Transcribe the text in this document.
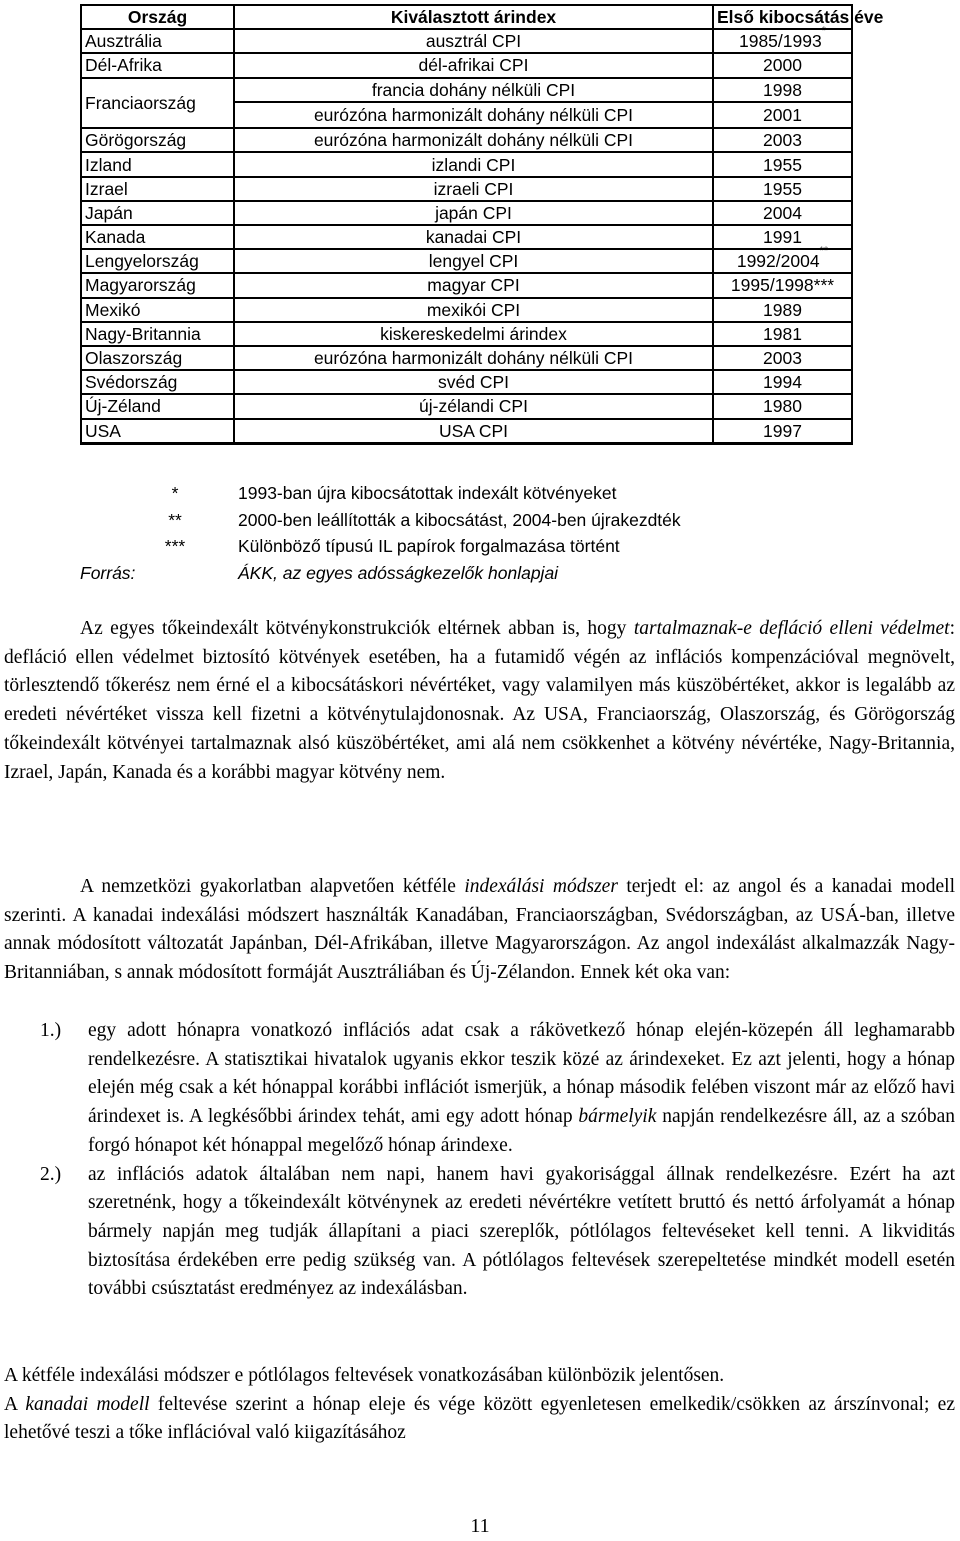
Ország	Kiválasztott árindex	Első kibocsátás éve
Ausztrália	ausztrál CPI	1985/1993*
Dél-Afrika	dél-afrikai CPI	2000
Franciaország	francia dohány nélküli CPI	1998
	eurózóna harmonizált dohány nélküli CPI	2001
Görögország	eurózóna harmonizált dohány nélküli CPI	2003
Izland	izlandi CPI	1955
Izrael	izraeli CPI	1955
Japán	japán CPI	2004
Kanada	kanadai CPI	1991
Lengyelország	lengyel CPI	1992/2004**
Magyarország	magyar CPI	1995/1998***
Mexikó	mexikói CPI	1989
Nagy-Britannia	kiskereskedelmi árindex	1981
Olaszország	eurózóna harmonizált dohány nélküli CPI	2003
Svédország	svéd CPI	1994
Új-Zéland	új-zélandi CPI	1980
USA	USA CPI	1997
*	1993-ban újra kibocsátottak indexált kötvényeket
**	2000-ben leállították a kibocsátást, 2004-ben újrakezdték
***	Különböző típusú IL papírok forgalmazása történt
Forrás:	ÁKK, az egyes adósságkezelők honlapjai

Az egyes tőkeindexált kötvénykonstrukciók eltérnek abban is, hogy tartalmaznak-e defláció elleni védelmet: defláció ellen védelmet biztosító kötvények esetében, ha a futamidő végén az inflációs kompenzációval megnövelt, törlesztendő tőkerész nem érné el a kibocsátáskori névértéket, vagy valamilyen más küszöbértéket, akkor is legalább az eredeti névértéket vissza kell fizetni a kötvénytulajdonosnak. Az USA, Franciaország, Olaszország, és Görögország tőkeindexált kötvényei tartalmaznak alsó küszöbértéket, ami alá nem csökkenhet a kötvény névértéke, Nagy-Britannia, Izrael, Japán, Kanada és a korábbi magyar kötvény nem.

A nemzetközi gyakorlatban alapvetően kétféle indexálási módszer terjedt el: az angol és a kanadai modell szerinti. A kanadai indexálási módszert használták Kanadában, Franciaországban, Svédországban, az USÁ-ban, illetve annak módosított változatát Japánban, Dél-Afrikában, illetve Magyarországon. Az angol indexálást alkalmazzák Nagy-Britanniában, s annak módosított formáját Ausztráliában és Új-Zélandon. Ennek két oka van:

1.) egy adott hónapra vonatkozó inflációs adat csak a rákövetkező hónap elején-közepén áll leghamarabb rendelkezésre. A statisztikai hivatalok ugyanis ekkor teszik közé az árindexeket. Ez azt jelenti, hogy a hónap elején még csak a két hónappal korábbi inflációt ismerjük, a hónap második felében viszont már az előző havi árindexet is. A legkésőbbi árindex tehát, ami egy adott hónap bármelyik napján rendelkezésre áll, az a szóban forgó hónapot két hónappal megelőző hónap árindexe.
2.) az inflációs adatok általában nem napi, hanem havi gyakorisággal állnak rendelkezésre. Ezért ha azt szeretnénk, hogy a tőkeindexált kötvénynek az eredeti névértékre vetített bruttó és nettó árfolyamát a hónap bármely napján meg tudják állapítani a piaci szereplők, pótlólagos feltevéseket kell tenni. A likviditás biztosítása érdekében erre pedig szükség van. A pótlólagos feltevések szerepeltetése mindkét modell esetén további csúsztatást eredményez az indexálásban.

A kétféle indexálási módszer e pótlólagos feltevések vonatkozásában különbözik jelentősen.

A kanadai modell feltevése szerint a hónap eleje és vége között egyenletesen emelkedik/csökken az árszínvonal; ez lehetővé teszi a tőke inflációval való kiigazításához

11
